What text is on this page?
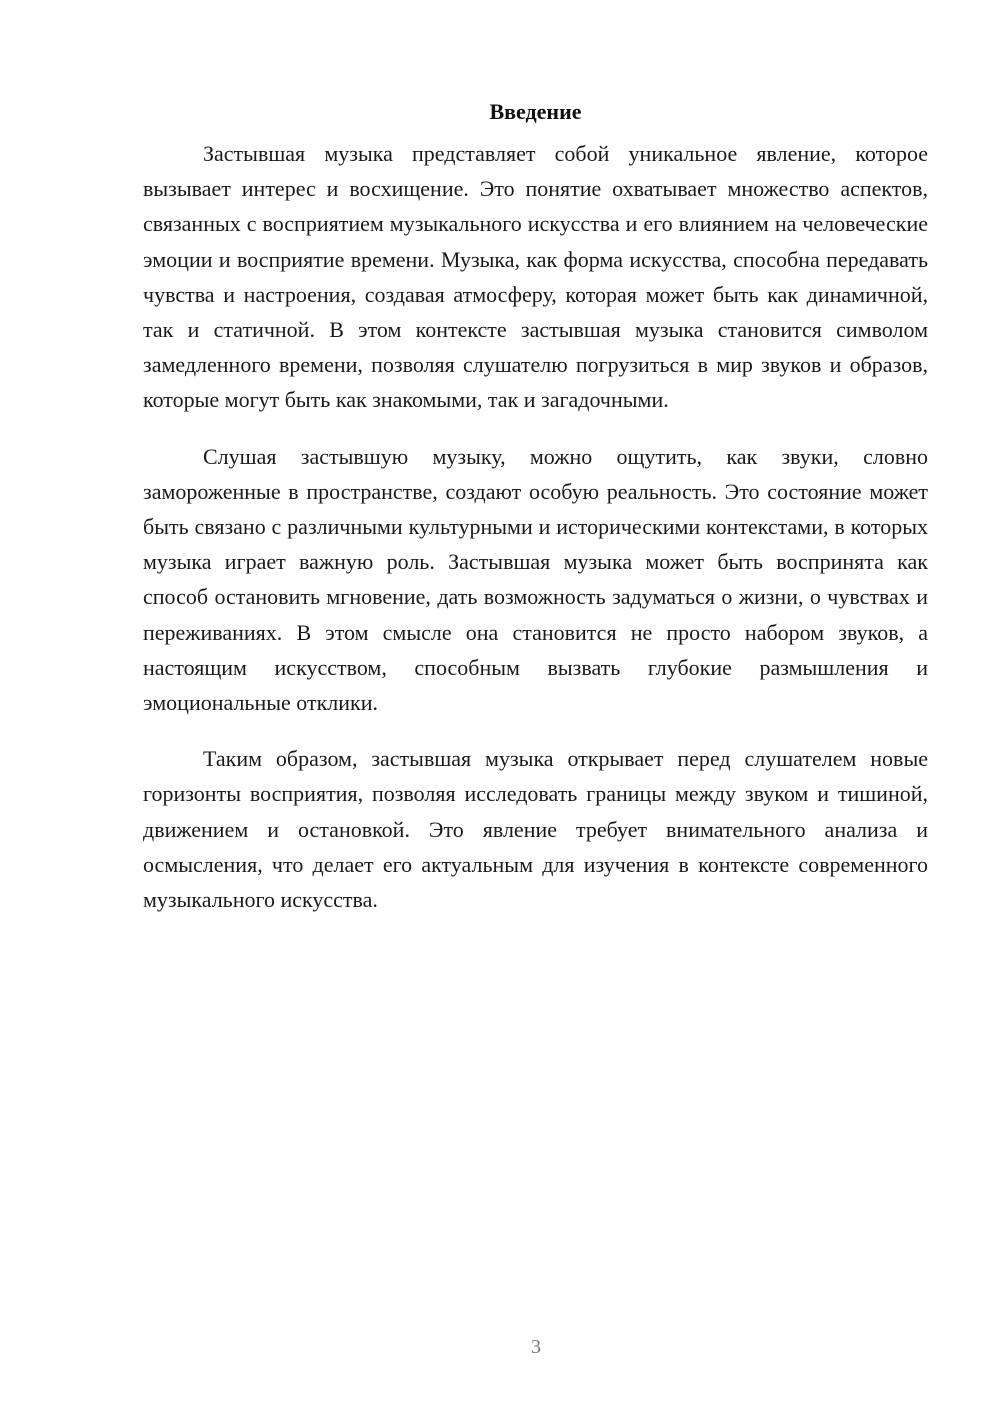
Введение

Застывшая музыка представляет собой уникальное явление, которое вызывает интерес и восхищение. Это понятие охватывает множество аспектов, связанных с восприятием музыкального искусства и его влиянием на человеческие эмоции и восприятие времени. Музыка, как форма искусства, способна передавать чувства и настроения, создавая атмосферу, которая может быть как динамичной, так и статичной. В этом контексте застывшая музыка становится символом замедленного времени, позволяя слушателю погрузиться в мир звуков и образов, которые могут быть как знакомыми, так и загадочными.

Слушая застывшую музыку, можно ощутить, как звуки, словно замороженные в пространстве, создают особую реальность. Это состояние может быть связано с различными культурными и историческими контекстами, в которых музыка играет важную роль. Застывшая музыка может быть воспринята как способ остановить мгновение, дать возможность задуматься о жизни, о чувствах и переживаниях. В этом смысле она становится не просто набором звуков, а настоящим искусством, способным вызвать глубокие размышления и эмоциональные отклики.

Таким образом, застывшая музыка открывает перед слушателем новые горизонты восприятия, позволяя исследовать границы между звуком и тишиной, движением и остановкой. Это явление требует внимательного анализа и осмысления, что делает его актуальным для изучения в контексте современного музыкального искусства.

3
